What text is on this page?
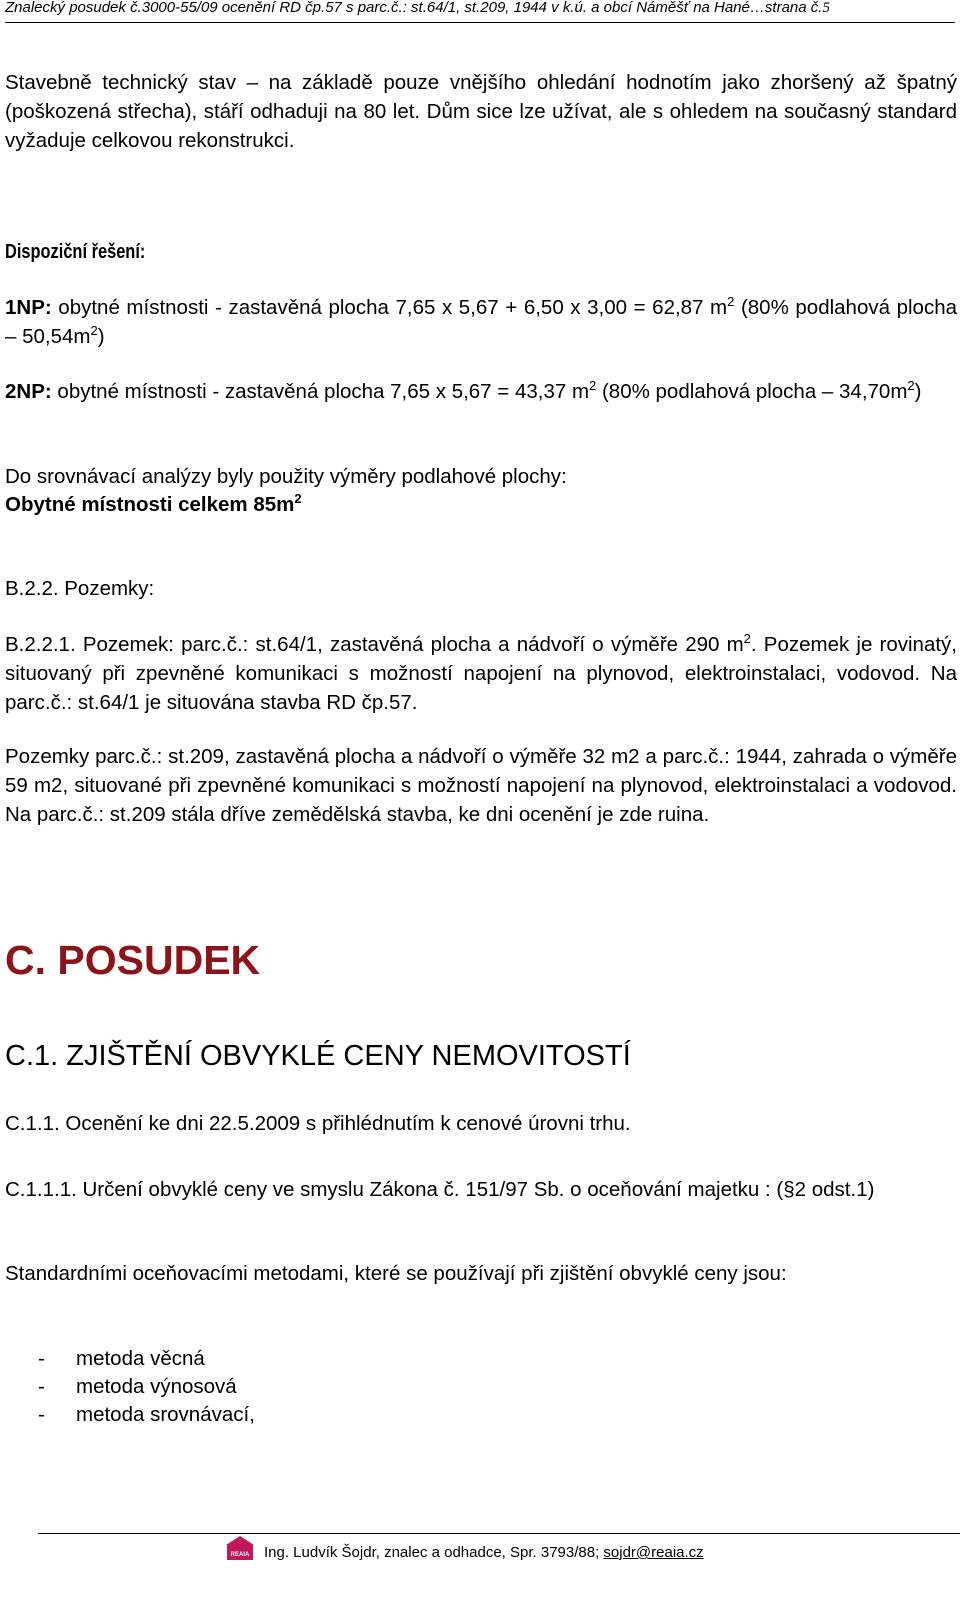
Znalecký posudek č.3000-55/09 ocenění RD čp.57 s parc.č.: st.64/1, st.209, 1944 v k.ú. a obcí Náměšť na Hané…strana č.5

Stavebně technický stav – na základě pouze vnějšího ohledání hodnotím jako zhoršený až špatný (poškozená střecha), stáří odhaduji na 80 let. Dům sice lze užívat, ale s ohledem na současný standard vyžaduje celkovou rekonstrukci.

Dispoziční řešení:

1NP: obytné místnosti - zastavěná plocha 7,65 x 5,67 + 6,50 x 3,00 = 62,87 $m^2$ (80% podlahová plocha – $50,54m^2$)

2NP: obytné místnosti - zastavěná plocha 7,65 x 5,67 = 43,37 $m^2$ (80% podlahová plocha – $34,70m^2$)

Do srovnávací analýzy byly použity výměry podlahové plochy:

Obytné místnosti celkem $85m^2$

B.2.2. Pozemky:

B.2.2.1. Pozemek: parc.č.: st.64/1, zastavěná plocha a nádvoří o výměře 290 $m^2$. Pozemek je rovinatý, situovaný při zpevněné komunikaci s možností napojení na plynovod, elektroinstalaci, vodovod. Na parc.č.: st.64/1 je situována stavba RD čp.57.

Pozemky parc.č.: st.209, zastavěná plocha a nádvoří o výměře 32 m2 a parc.č.: 1944, zahrada o výměře 59 m2, situované při zpevněné komunikaci s možností napojení na plynovod, elektroinstalaci a vodovod. Na parc.č.: st.209 stála dříve zemědělská stavba, ke dni ocenění je zde ruina.

C. POSUDEK
C.1. ZJIŠTĚNÍ OBVYKLÉ CENY NEMOVITOSTÍ

C.1.1. Ocenění ke dni 22.5.2009 s přihlédnutím k cenové úrovni trhu.

C.1.1.1. Určení obvyklé ceny ve smyslu Zákona č. 151/97 Sb. o oceňování majetku : (§2 odst.1)

Standardními oceňovacími metodami, které se používají při zjištění obvyklé ceny jsou:

- metoda věcná
- metoda výnosová
- metoda srovnávací,
REAIA Ing. Ludvík Šojdr, znalec a odhadce, Spr. 3793/88; sojdr@reaia.cz
